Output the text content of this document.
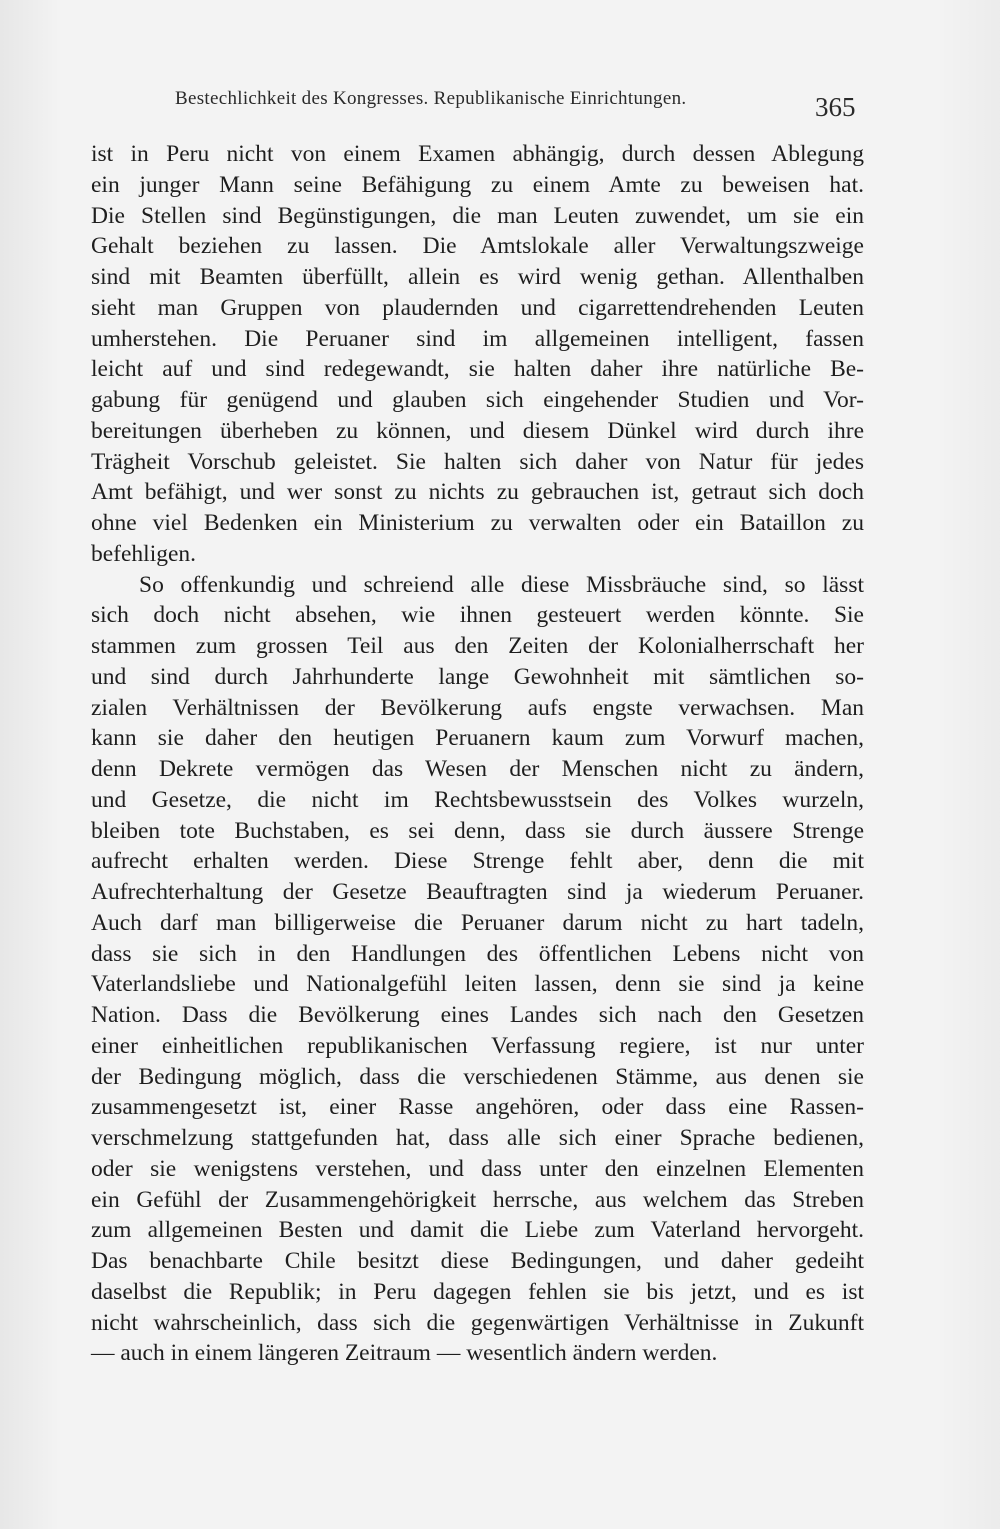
Bestechlichkeit des Kongresses. Republikanische Einrichtungen.	365
ist in Peru nicht von einem Examen abhängig, durch dessen Ablegung
ein junger Mann seine Befähigung zu einem Amte zu beweisen hat.
Die Stellen sind Begünstigungen, die man Leuten zuwendet, um sie ein
Gehalt beziehen zu lassen. Die Amtslokale aller Verwaltungszweige
sind mit Beamten überfüllt, allein es wird wenig gethan. Allenthalben
sieht man Gruppen von plaudernden und cigarrettendrehenden Leuten
umherstehen. Die Peruaner sind im allgemeinen intelligent, fassen
leicht auf und sind redegewandt, sie halten daher ihre natürliche Be-
gabung für genügend und glauben sich eingehender Studien und Vor-
bereitungen überheben zu können, und diesem Dünkel wird durch ihre
Trägheit Vorschub geleistet. Sie halten sich daher von Natur für jedes
Amt befähigt, und wer sonst zu nichts zu gebrauchen ist, getraut sich doch
ohne viel Bedenken ein Ministerium zu verwalten oder ein Bataillon zu
befehligen.
So offenkundig und schreiend alle diese Missbräuche sind, so lässt
sich doch nicht absehen, wie ihnen gesteuert werden könnte. Sie
stammen zum grossen Teil aus den Zeiten der Kolonialherrschaft her
und sind durch Jahrhunderte lange Gewohnheit mit sämtlichen so-
zialen Verhältnissen der Bevölkerung aufs engste verwachsen. Man
kann sie daher den heutigen Peruanern kaum zum Vorwurf machen,
denn Dekrete vermögen das Wesen der Menschen nicht zu ändern,
und Gesetze, die nicht im Rechtsbewusstsein des Volkes wurzeln,
bleiben tote Buchstaben, es sei denn, dass sie durch äussere Strenge
aufrecht erhalten werden. Diese Strenge fehlt aber, denn die mit
Aufrechterhaltung der Gesetze Beauftragten sind ja wiederum Peruaner.
Auch darf man billigerweise die Peruaner darum nicht zu hart tadeln,
dass sie sich in den Handlungen des öffentlichen Lebens nicht von
Vaterlandsliebe und Nationalgefühl leiten lassen, denn sie sind ja keine
Nation. Dass die Bevölkerung eines Landes sich nach den Gesetzen
einer einheitlichen republikanischen Verfassung regiere, ist nur unter
der Bedingung möglich, dass die verschiedenen Stämme, aus denen sie
zusammengesetzt ist, einer Rasse angehören, oder dass eine Rassen-
verschmelzung stattgefunden hat, dass alle sich einer Sprache bedienen,
oder sie wenigstens verstehen, und dass unter den einzelnen Elementen
ein Gefühl der Zusammengehörigkeit herrsche, aus welchem das Streben
zum allgemeinen Besten und damit die Liebe zum Vaterland hervorgeht.
Das benachbarte Chile besitzt diese Bedingungen, und daher gedeiht
daselbst die Republik; in Peru dagegen fehlen sie bis jetzt, und es ist
nicht wahrscheinlich, dass sich die gegenwärtigen Verhältnisse in Zukunft
— auch in einem längeren Zeitraum — wesentlich ändern werden.
